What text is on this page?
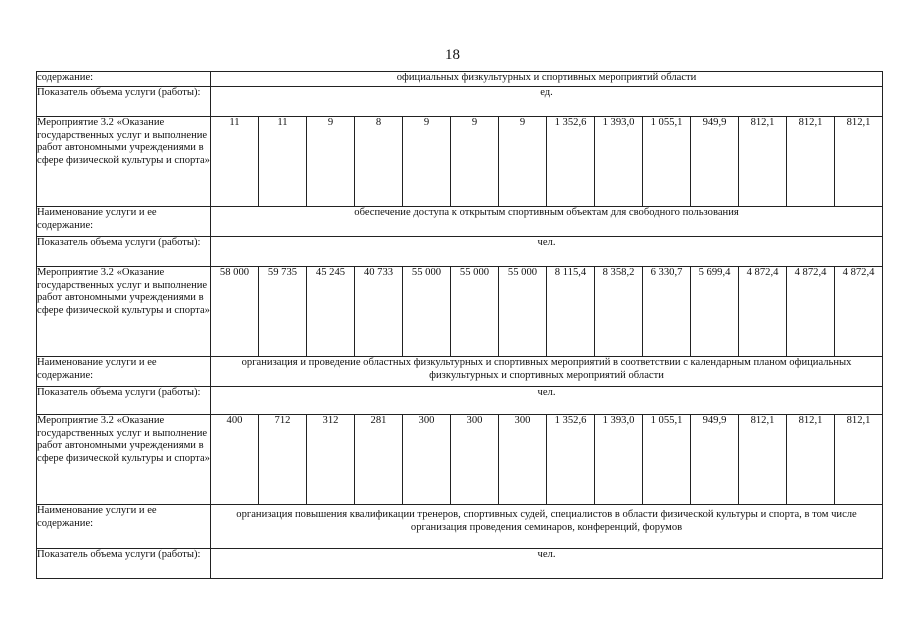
18
содержание:	официальных физкультурных и спортивных мероприятий области													
Показатель объема услуги (работы):	ед.													
Мероприятие 3.2 «Оказание государственных услуг и выполнение работ автономными учреждениями в сфере физической культуры и спорта»	11	11	9	8	9	9	9	1 352,6	1 393,0	1 055,1	949,9	812,1	812,1	812,1
Наименование услуги и ее содержание:	обеспечение доступа к открытым спортивным объектам для свободного пользования													
Показатель объема услуги (работы):	чел.													
Мероприятие 3.2 «Оказание государственных услуг и выполнение работ автономными учреждениями в сфере физической культуры и спорта»	58 000	59 735	45 245	40 733	55 000	55 000	55 000	8 115,4	8 358,2	6 330,7	5 699,4	4 872,4	4 872,4	4 872,4
Наименование услуги и ее содержание:	организация и проведение областных физкультурных и спортивных мероприятий в соответствии с календарным планом официальных физкультурных и спортивных мероприятий области													
Показатель объема услуги (работы):	чел.													
Мероприятие 3.2 «Оказание государственных услуг и выполнение работ автономными учреждениями в сфере физической культуры и спорта»	400	712	312	281	300	300	300	1 352,6	1 393,0	1 055,1	949,9	812,1	812,1	812,1
Наименование услуги и ее содержание:	организация повышения квалификации тренеров, спортивных судей, специалистов в области физической культуры и спорта, в том числе организация проведения семинаров, конференций, форумов													
Показатель объема услуги (работы):	чел.													
